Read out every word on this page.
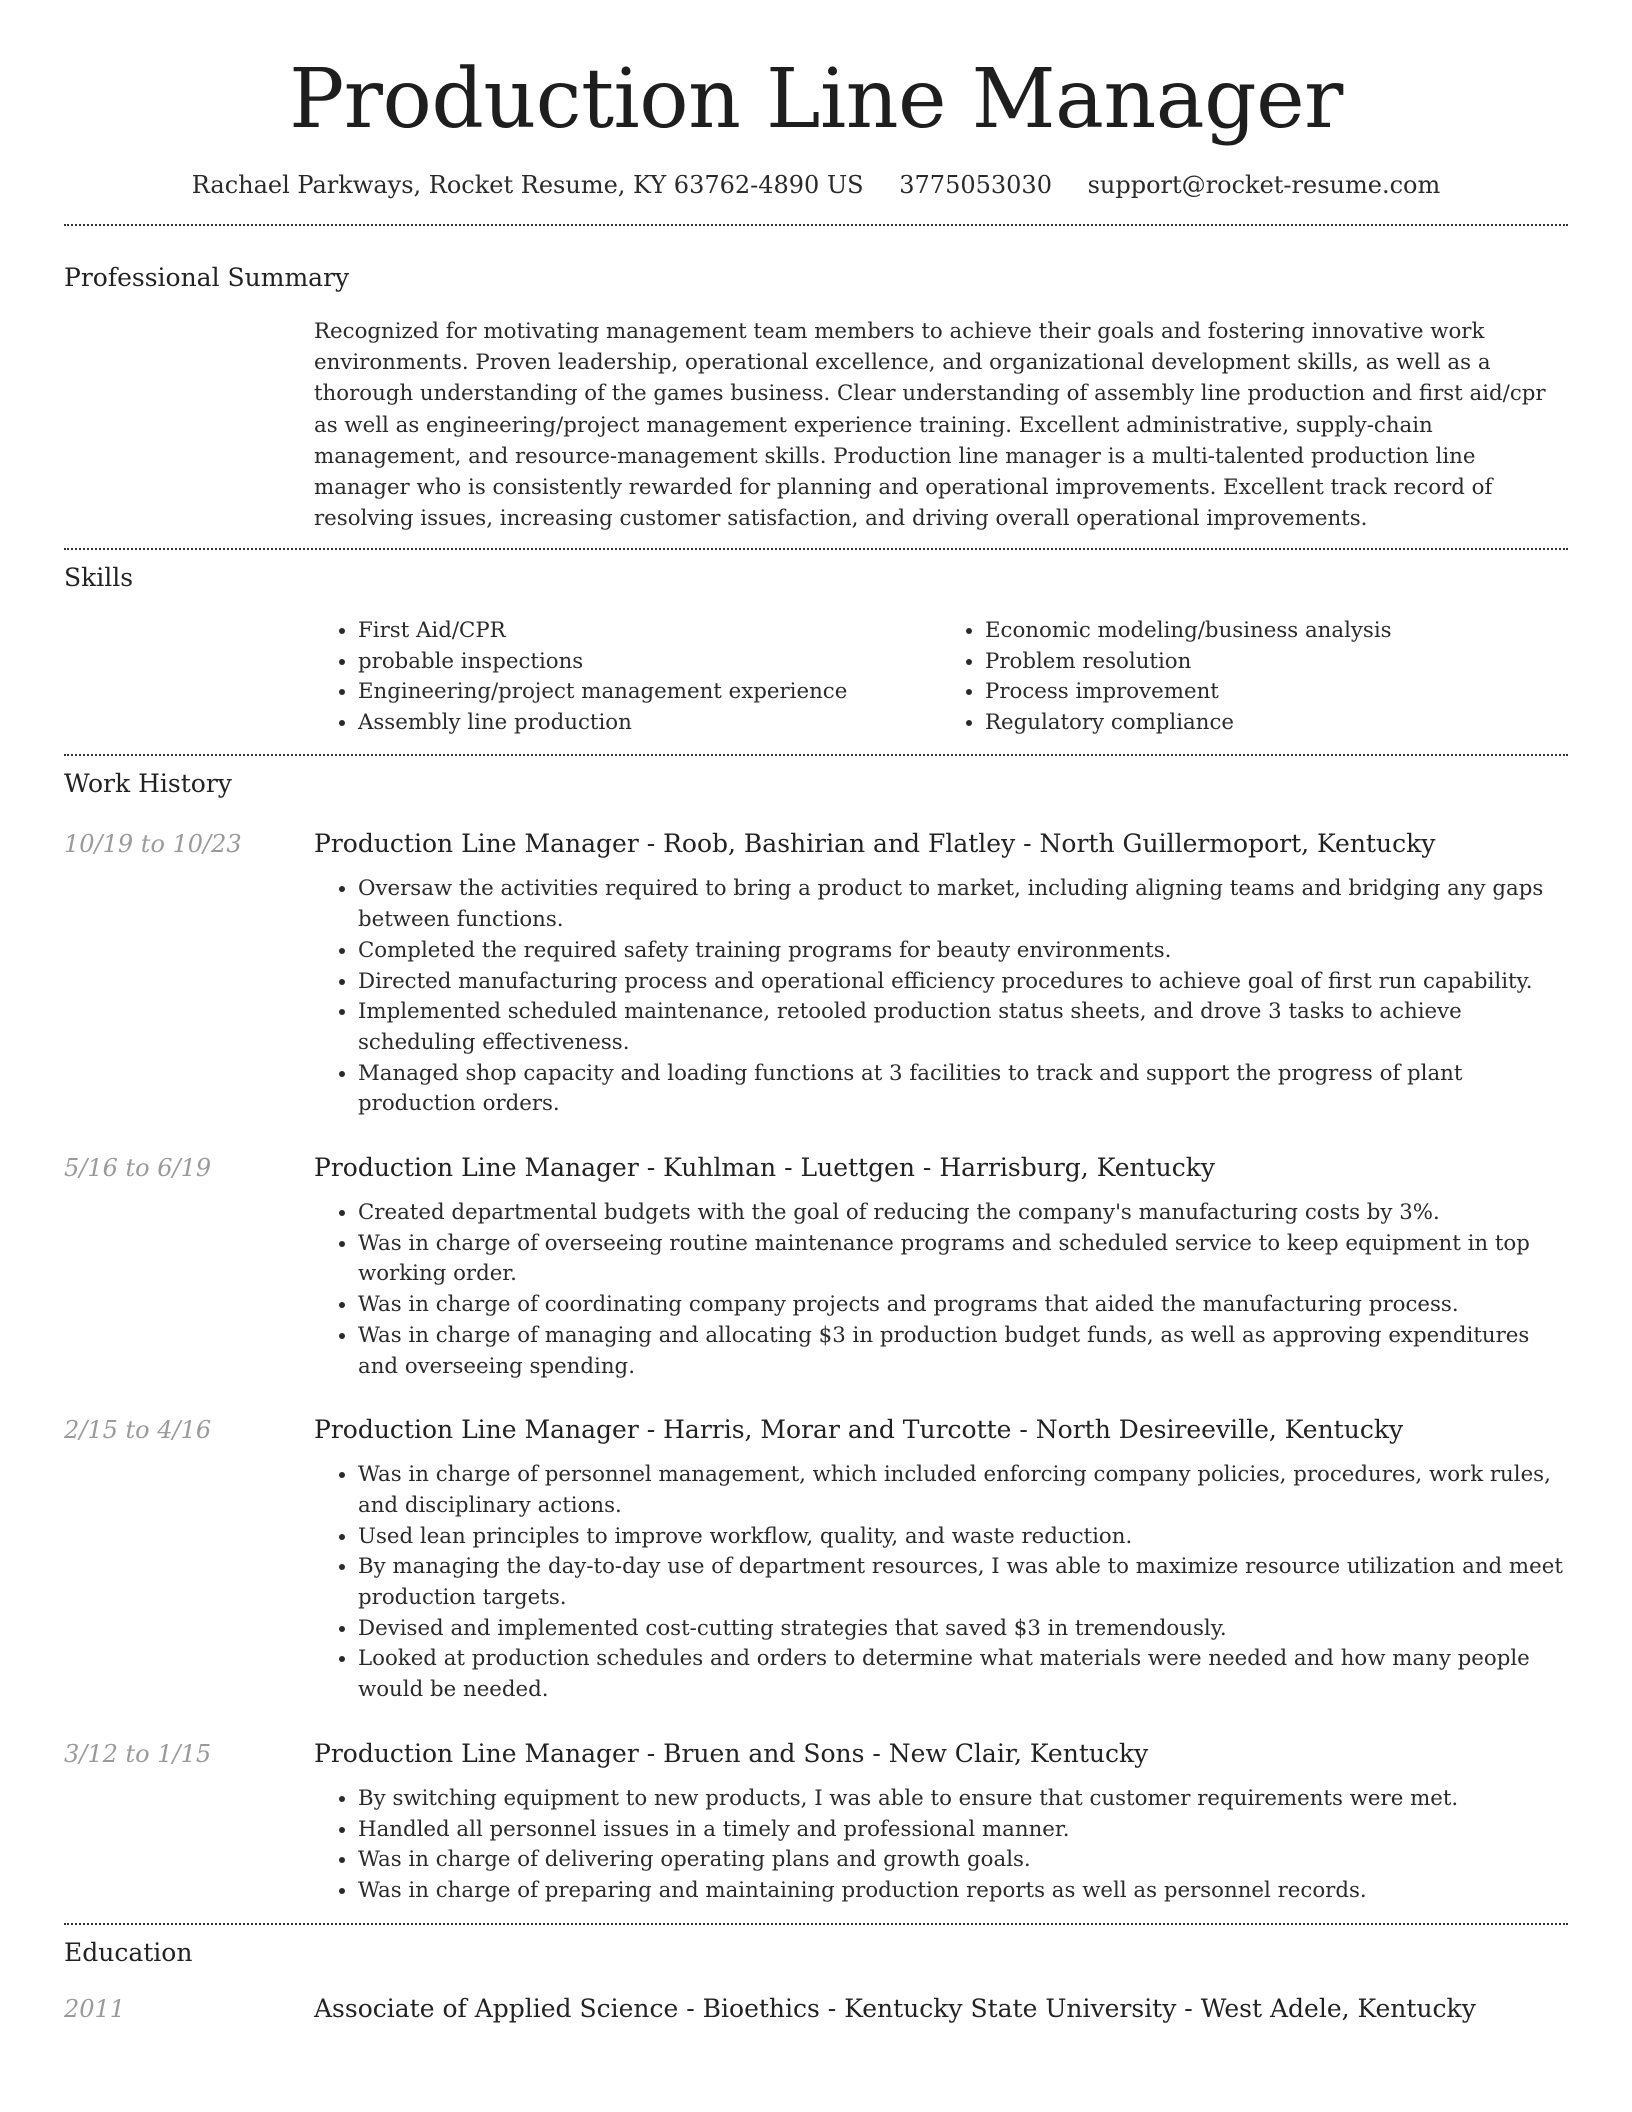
Production Line Manager
Rachael Parkways, Rocket Resume, KY 63762-4890 US 3775053030 support@rocket-resume.com
Professional Summary
Recognized for motivating management team members to achieve their goals and fostering innovative work environments. Proven leadership, operational excellence, and organizational development skills, as well as a thorough understanding of the games business. Clear understanding of assembly line production and first aid/cpr as well as engineering/project management experience training. Excellent administrative, supply-chain management, and resource-management skills. Production line manager is a multi-talented production line manager who is consistently rewarded for planning and operational improvements. Excellent track record of resolving issues, increasing customer satisfaction, and driving overall operational improvements.
Skills
• First Aid/CPR
• probable inspections
• Engineering/project management experience
• Assembly line production
• Economic modeling/business analysis
• Problem resolution
• Process improvement
• Regulatory compliance
Work History
10/19 to 10/23	Production Line Manager - Roob, Bashirian and Flatley - North Guillermoport, Kentucky
• Oversaw the activities required to bring a product to market, including aligning teams and bridging any gaps between functions.
• Completed the required safety training programs for beauty environments.
• Directed manufacturing process and operational efficiency procedures to achieve goal of first run capability.
• Implemented scheduled maintenance, retooled production status sheets, and drove 3 tasks to achieve scheduling effectiveness.
• Managed shop capacity and loading functions at 3 facilities to track and support the progress of plant production orders.
5/16 to 6/19	Production Line Manager - Kuhlman - Luettgen - Harrisburg, Kentucky
• Created departmental budgets with the goal of reducing the company's manufacturing costs by 3%.
• Was in charge of overseeing routine maintenance programs and scheduled service to keep equipment in top working order.
• Was in charge of coordinating company projects and programs that aided the manufacturing process.
• Was in charge of managing and allocating $3 in production budget funds, as well as approving expenditures and overseeing spending.
2/15 to 4/16	Production Line Manager - Harris, Morar and Turcotte - North Desireeville, Kentucky
• Was in charge of personnel management, which included enforcing company policies, procedures, work rules, and disciplinary actions.
• Used lean principles to improve workflow, quality, and waste reduction.
• By managing the day-to-day use of department resources, I was able to maximize resource utilization and meet production targets.
• Devised and implemented cost-cutting strategies that saved $3 in tremendously.
• Looked at production schedules and orders to determine what materials were needed and how many people would be needed.
3/12 to 1/15	Production Line Manager - Bruen and Sons - New Clair, Kentucky
• By switching equipment to new products, I was able to ensure that customer requirements were met.
• Handled all personnel issues in a timely and professional manner.
• Was in charge of delivering operating plans and growth goals.
• Was in charge of preparing and maintaining production reports as well as personnel records.
Education
2011	Associate of Applied Science - Bioethics - Kentucky State University - West Adele, Kentucky
